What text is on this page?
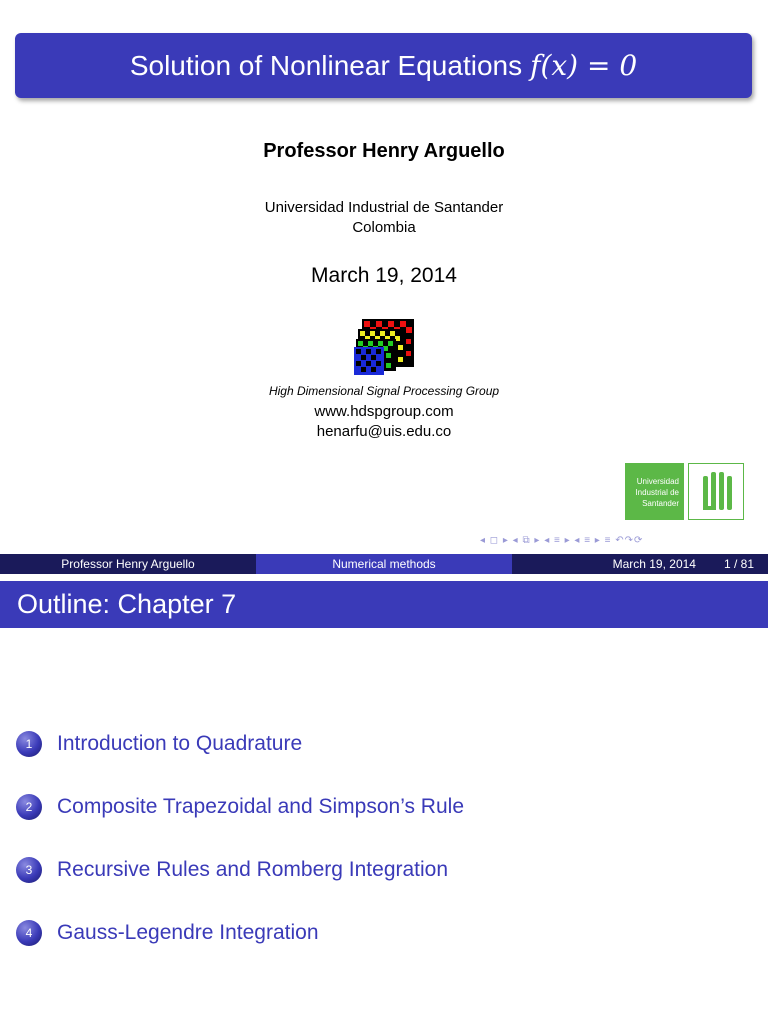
Solution of Nonlinear Equations f(x) = 0
Professor Henry Arguello
Universidad Industrial de Santander
Colombia
March 19, 2014
High Dimensional Signal Processing Group
www.hdspgroup.com
henarfu@uis.edu.co
Universidad
Industrial de
Santander
◂ ◻ ▸ ◂ ⧉ ▸ ◂ ≡ ▸ ◂ ≡ ▸ ≡ ↶↷⟳
Professor Henry Arguello	Numerical methods	March 19, 2014 1 / 81
Outline: Chapter 7
1	Introduction to Quadrature
2	Composite Trapezoidal and Simpson’s Rule
3	Recursive Rules and Romberg Integration
4	Gauss-Legendre Integration
